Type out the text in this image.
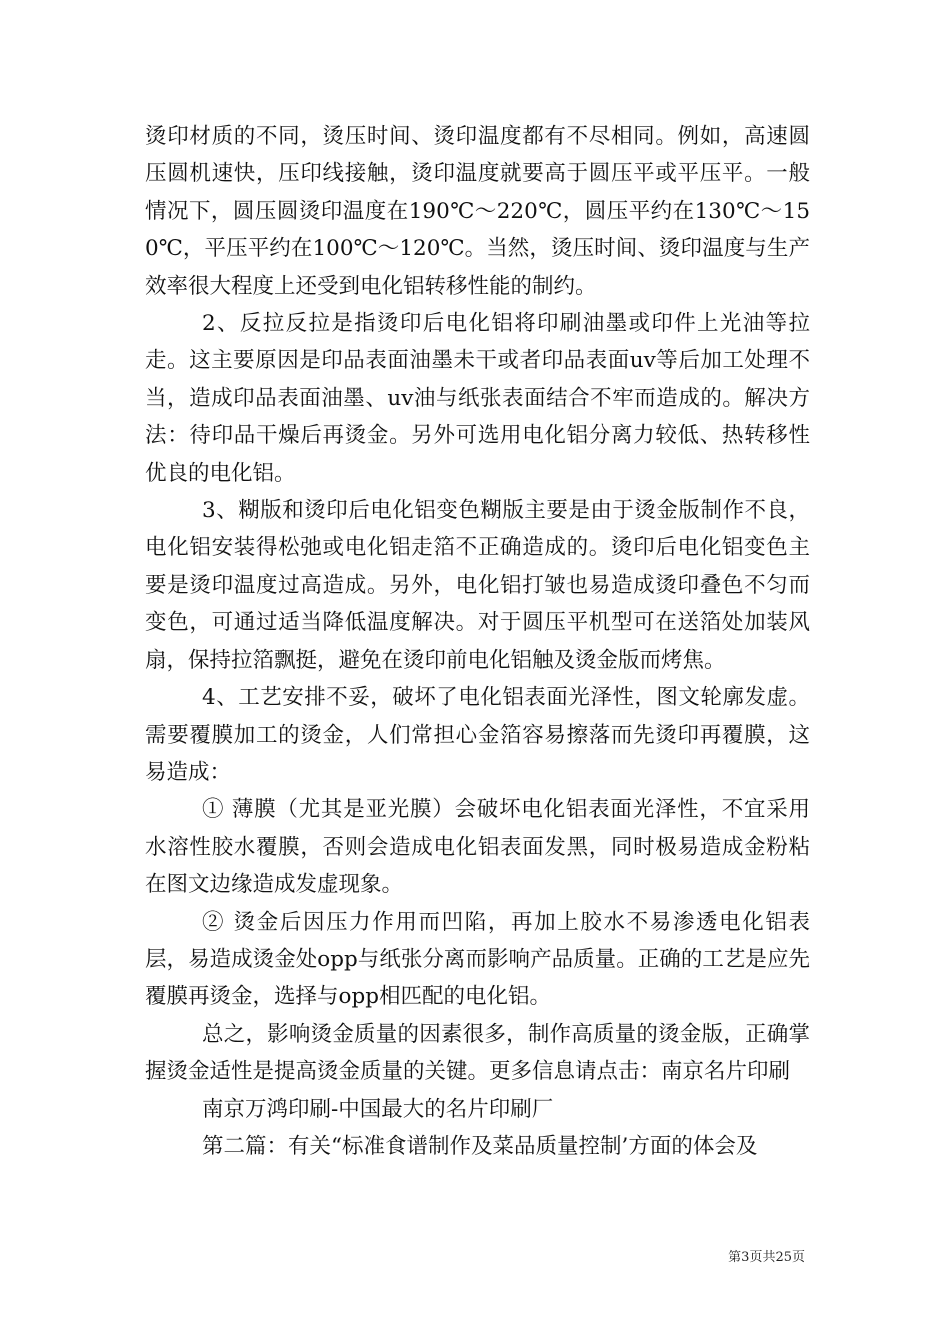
烫印材质的不同，烫压时间、烫印温度都有不尽相同。例如，高速圆压圆机速快，压印线接触，烫印温度就要高于圆压平或平压平。一般情况下，圆压圆烫印温度在190℃～220℃，圆压平约在130℃～150℃，平压平约在100℃～120℃。当然，烫压时间、烫印温度与生产效率很大程度上还受到电化铝转移性能的制约。

2、反拉反拉是指烫印后电化铝将印刷油墨或印件上光油等拉走。这主要原因是印品表面油墨未干或者印品表面uv等后加工处理不当，造成印品表面油墨、uv油与纸张表面结合不牢而造成的。解决方法：待印品干燥后再烫金。另外可选用电化铝分离力较低、热转移性优良的电化铝。

3、糊版和烫印后电化铝变色糊版主要是由于烫金版制作不良，电化铝安装得松弛或电化铝走箔不正确造成的。烫印后电化铝变色主要是烫印温度过高造成。另外，电化铝打皱也易造成烫印叠色不匀而变色，可通过适当降低温度解决。对于圆压平机型可在送箔处加装风扇，保持拉箔飘挺，避免在烫印前电化铝触及烫金版而烤焦。

4、工艺安排不妥，破坏了电化铝表面光泽性，图文轮廓发虚。需要覆膜加工的烫金，人们常担心金箔容易擦落而先烫印再覆膜，这易造成：

① 薄膜（尤其是亚光膜）会破坏电化铝表面光泽性，不宜采用水溶性胶水覆膜，否则会造成电化铝表面发黑，同时极易造成金粉粘在图文边缘造成发虚现象。

② 烫金后因压力作用而凹陷，再加上胶水不易渗透电化铝表层，易造成烫金处opp与纸张分离而影响产品质量。正确的工艺是应先覆膜再烫金，选择与opp相匹配的电化铝。

总之，影响烫金质量的因素很多，制作高质量的烫金版，正确掌握烫金适性是提高烫金质量的关键。更多信息请点击：南京名片印刷

南京万鸿印刷-中国最大的名片印刷厂

第二篇：有关“标准食谱制作及菜品质量控制’方面的体会及

第3页共25页
